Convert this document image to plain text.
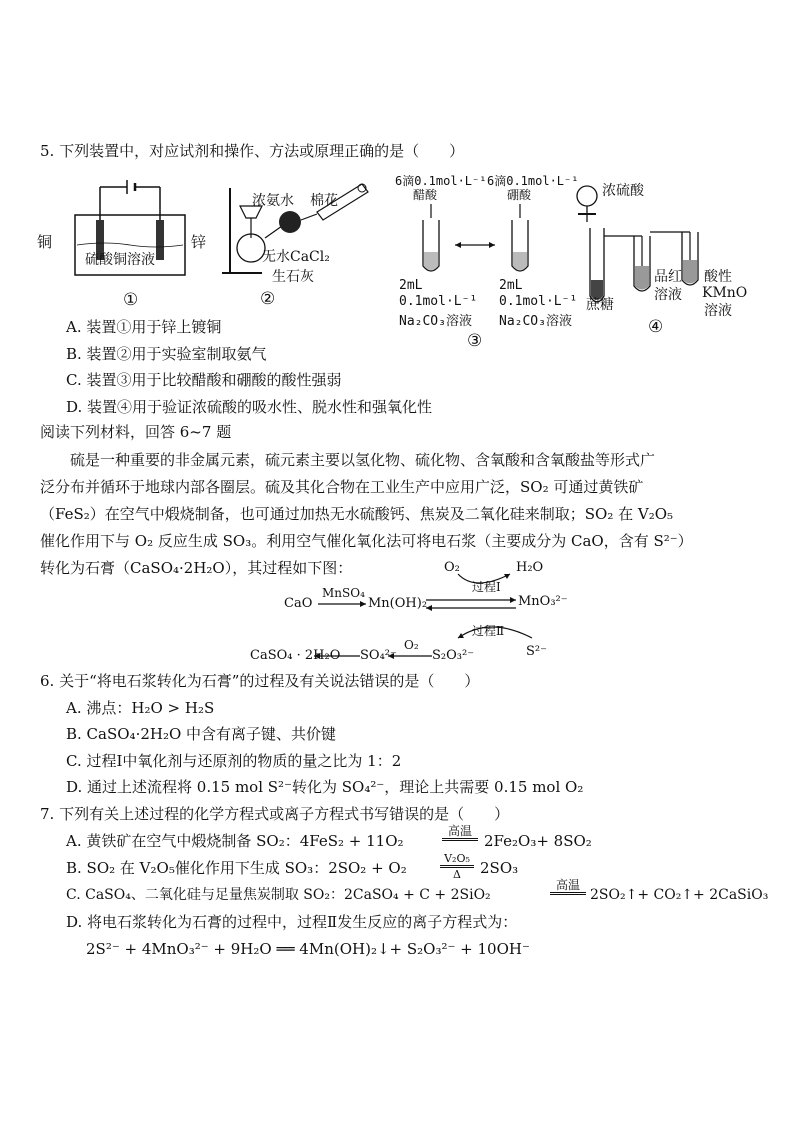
5. 下列装置中，对应试剂和操作、方法或原理正确的是（　　）
铜	锌
硫酸铜溶液
①
浓氨水 棉花
无水CaCl₂
生石灰
②
6滴0.1mol·L⁻¹
醋酸
6滴0.1mol·L⁻¹
硼酸
2mL
0.1mol·L⁻¹
Na₂CO₃溶液
2mL
0.1mol·L⁻¹
Na₂CO₃溶液
③
浓硫酸
蔗糖
品红
溶液
酸性
KMnO
溶液
④
A. 装置①用于锌上镀铜
B. 装置②用于实验室制取氨气
C. 装置③用于比较醋酸和硼酸的酸性强弱
D. 装置④用于验证浓硫酸的吸水性、脱水性和强氧化性
阅读下列材料，回答 6~7 题
　　硫是一种重要的非金属元素，硫元素主要以氢化物、硫化物、含氧酸和含氧酸盐等形式广
泛分布并循环于地球内部各圈层。硫及其化合物在工业生产中应用广泛，SO₂ 可通过黄铁矿
（FeS₂）在空气中煅烧制备，也可通过加热无水硫酸钙、焦炭及二氧化硅来制取；SO₂ 在 V₂O₅
催化作用下与 O₂ 反应生成 SO₃。利用空气催化氧化法可将电石浆（主要成分为 CaO，含有 S²⁻）
转化为石膏（CaSO₄·2H₂O），其过程如下图：
CaO
MnSO₄
Mn(OH)₂	MnO₃²⁻
O₂	H₂O
过程Ⅰ
过程Ⅱ
CaSO₄ · 2H₂O SO₄²⁻
O₂
S₂O₃²⁻	S²⁻
6. 关于“将电石浆转化为石膏”的过程及有关说法错误的是（　　）
A. 沸点：H₂O > H₂S
B. CaSO₄·2H₂O 中含有离子键、共价键
C. 过程Ⅰ中氧化剂与还原剂的物质的量之比为 1：2
D. 通过上述流程将 0.15 mol S²⁻转化为 SO₄²⁻，理论上共需要 0.15 mol O₂
7. 下列有关上述过程的化学方程式或离子方程式书写错误的是（　　）
A. 黄铁矿在空气中煅烧制备 SO₂：4FeS₂ + 11O₂
高温
2Fe₂O₃+ 8SO₂
B. SO₂ 在 V₂O₅催化作用下生成 SO₃：2SO₂ + O₂
V₂O₅
Δ	2SO₃
C. CaSO₄、二氧化硅与足量焦炭制取 SO₂：2CaSO₄ + C + 2SiO₂
高温
2SO₂↑+ CO₂↑+ 2CaSiO₃
D. 将电石浆转化为石膏的过程中，过程Ⅱ发生反应的离子方程式为：
2S²⁻ + 4MnO₃²⁻ + 9H₂O ══ 4Mn(OH)₂↓+ S₂O₃²⁻ + 10OH⁻
